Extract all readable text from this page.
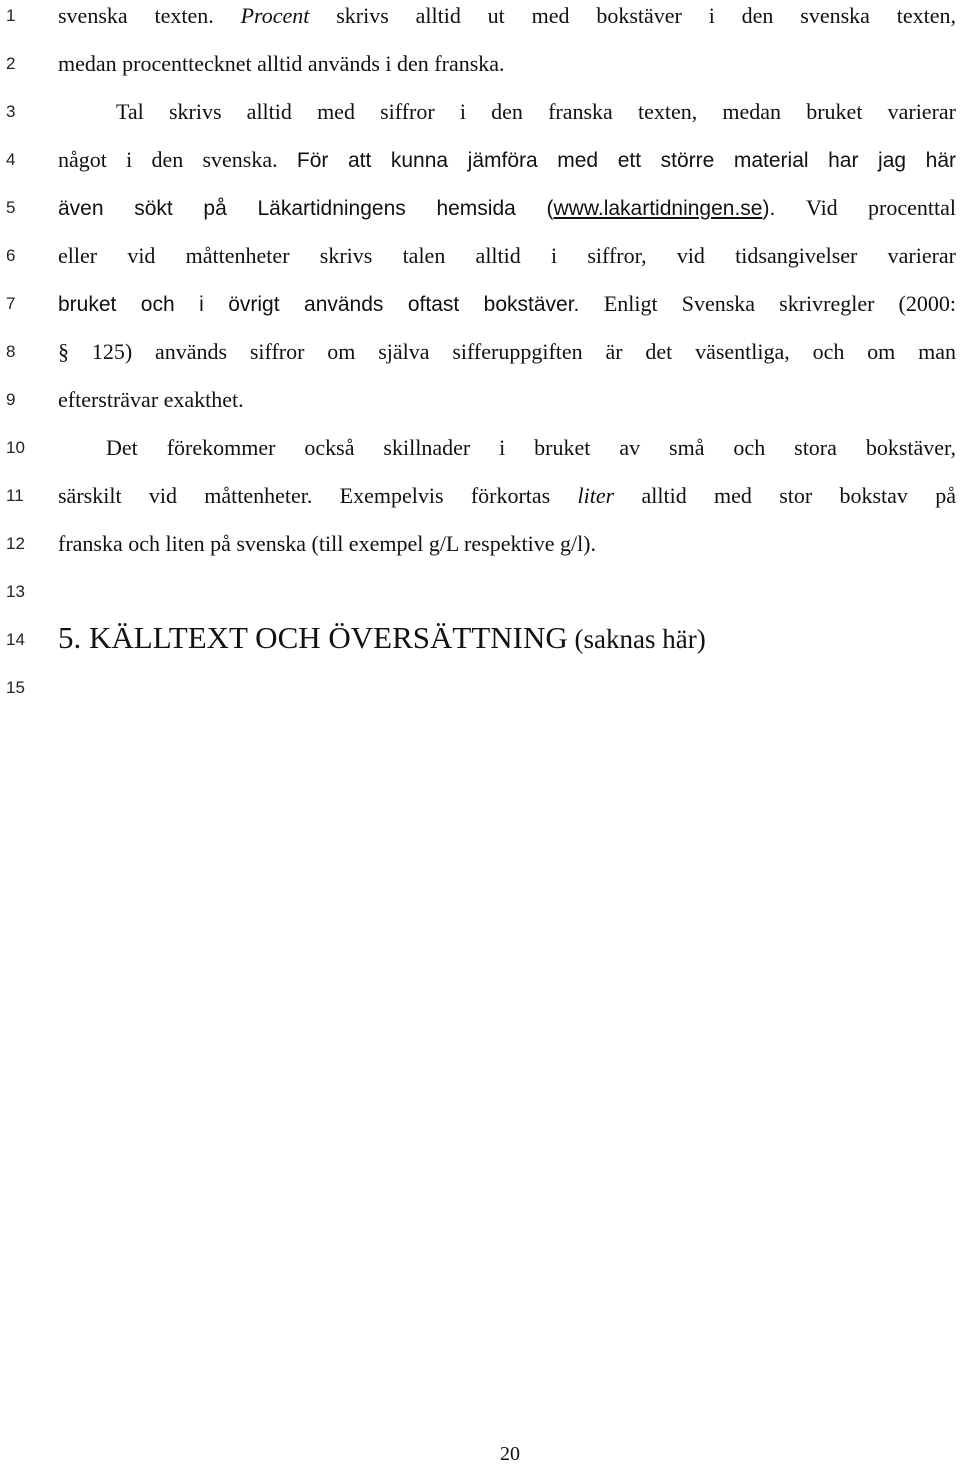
1
2
3
4
5
6
7
8
9
10
11
12
13
14
15
svenska texten. Procent skrivs alltid ut med bokstäver i den svenska texten,
medan procenttecknet alltid används i den franska.
Tal skrivs alltid med siffror i den franska texten, medan bruket varierar
något i den svenska. För att kunna jämföra med ett större material har jag här
även sökt på Läkartidningens hemsida (www.lakartidningen.se). Vid procenttal
eller vid måttenheter skrivs talen alltid i siffror, vid tidsangivelser varierar
bruket och i övrigt används oftast bokstäver. Enligt Svenska skrivregler (2000:
§ 125) används siffror om själva sifferuppgiften är det väsentliga, och om man
eftersträvar exakthet.
Det förekommer också skillnader i bruket av små och stora bokstäver,
särskilt vid måttenheter. Exempelvis förkortas liter alltid med stor bokstav på
franska och liten på svenska (till exempel g/L respektive g/l).
5. KÄLLTEXT OCH ÖVERSÄTTNING (saknas här)
20
